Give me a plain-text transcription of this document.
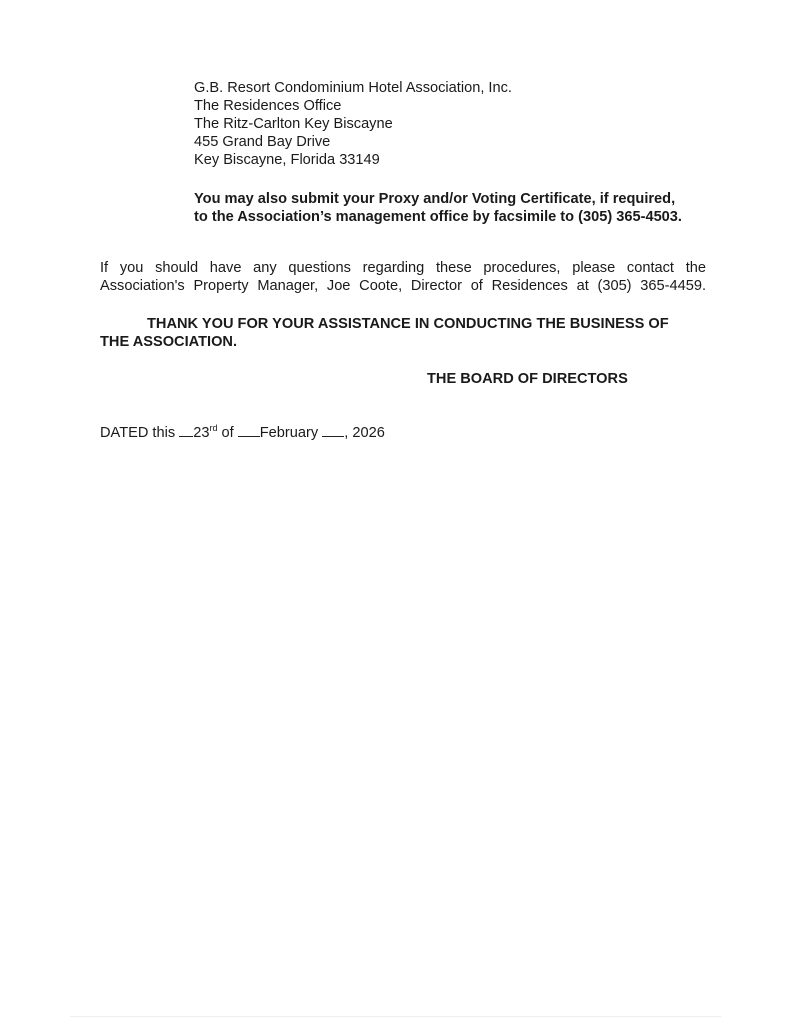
G.B. Resort Condominium Hotel Association, Inc.
The Residences Office
The Ritz-Carlton Key Biscayne
455 Grand Bay Drive
Key Biscayne, Florida 33149
You may also submit your Proxy and/or Voting Certificate, if required,
to the Association’s management office by facsimile to (305) 365-4503.
If you should have any questions regarding these procedures, please contact the
Association's Property Manager, Joe Coote, Director of Residences at (305) 365-4459.
THANK YOU FOR YOUR ASSISTANCE IN CONDUCTING THE BUSINESS OF
THE ASSOCIATION.
THE BOARD OF DIRECTORS
DATED this 23rd of February , 2026
